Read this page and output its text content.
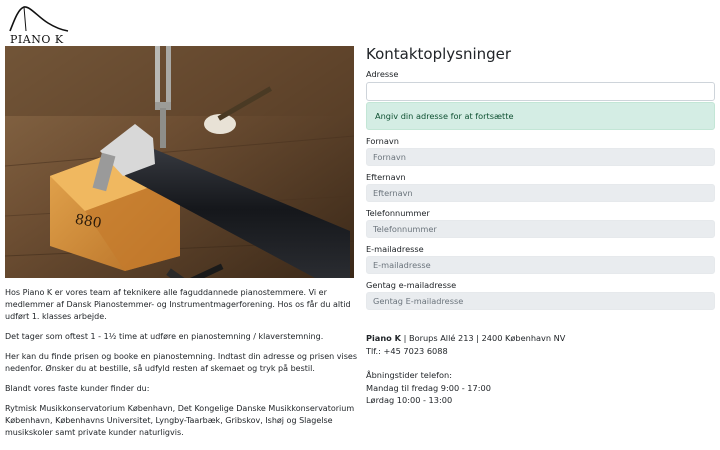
PIANO K
880

Hos Piano K er vores team af teknikere alle faguddannede pianostemmere. Vi er medlemmer af Dansk Pianostemmer- og Instrumentmagerforening. Hos os får du altid udført 1. klasses arbejde.

Det tager som oftest 1 - 1½ time at udføre en pianostemning / klaverstemning.

Her kan du finde prisen og booke en pianostemning. Indtast din adresse og prisen vises nedenfor. Ønsker du at bestille, så udfyld resten af skemaet og tryk på bestil.

Blandt vores faste kunder finder du:

Rytmisk Musikkonservatorium København, Det Kongelige Danske Musikkonservatorium København, Københavns Universitet, Lyngby-Taarbæk, Gribskov, Ishøj og Slagelse musikskoler samt private kunder naturligvis.

Kontaktoplysninger
Adresse
Angiv din adresse for at fortsætte
Fornavn
Fornavn
Efternavn
Efternavn
Telefonnummer
Telefonnummer
E-mailadresse
E-mailadresse
Gentag e-mailadresse
Gentag E-mailadresse
Piano K | Borups Allé 213 | 2400 København NV
Tlf.: +45 7023 6088
Åbningstider telefon:
Mandag til fredag 9:00 - 17:00
Lørdag 10:00 - 13:00
